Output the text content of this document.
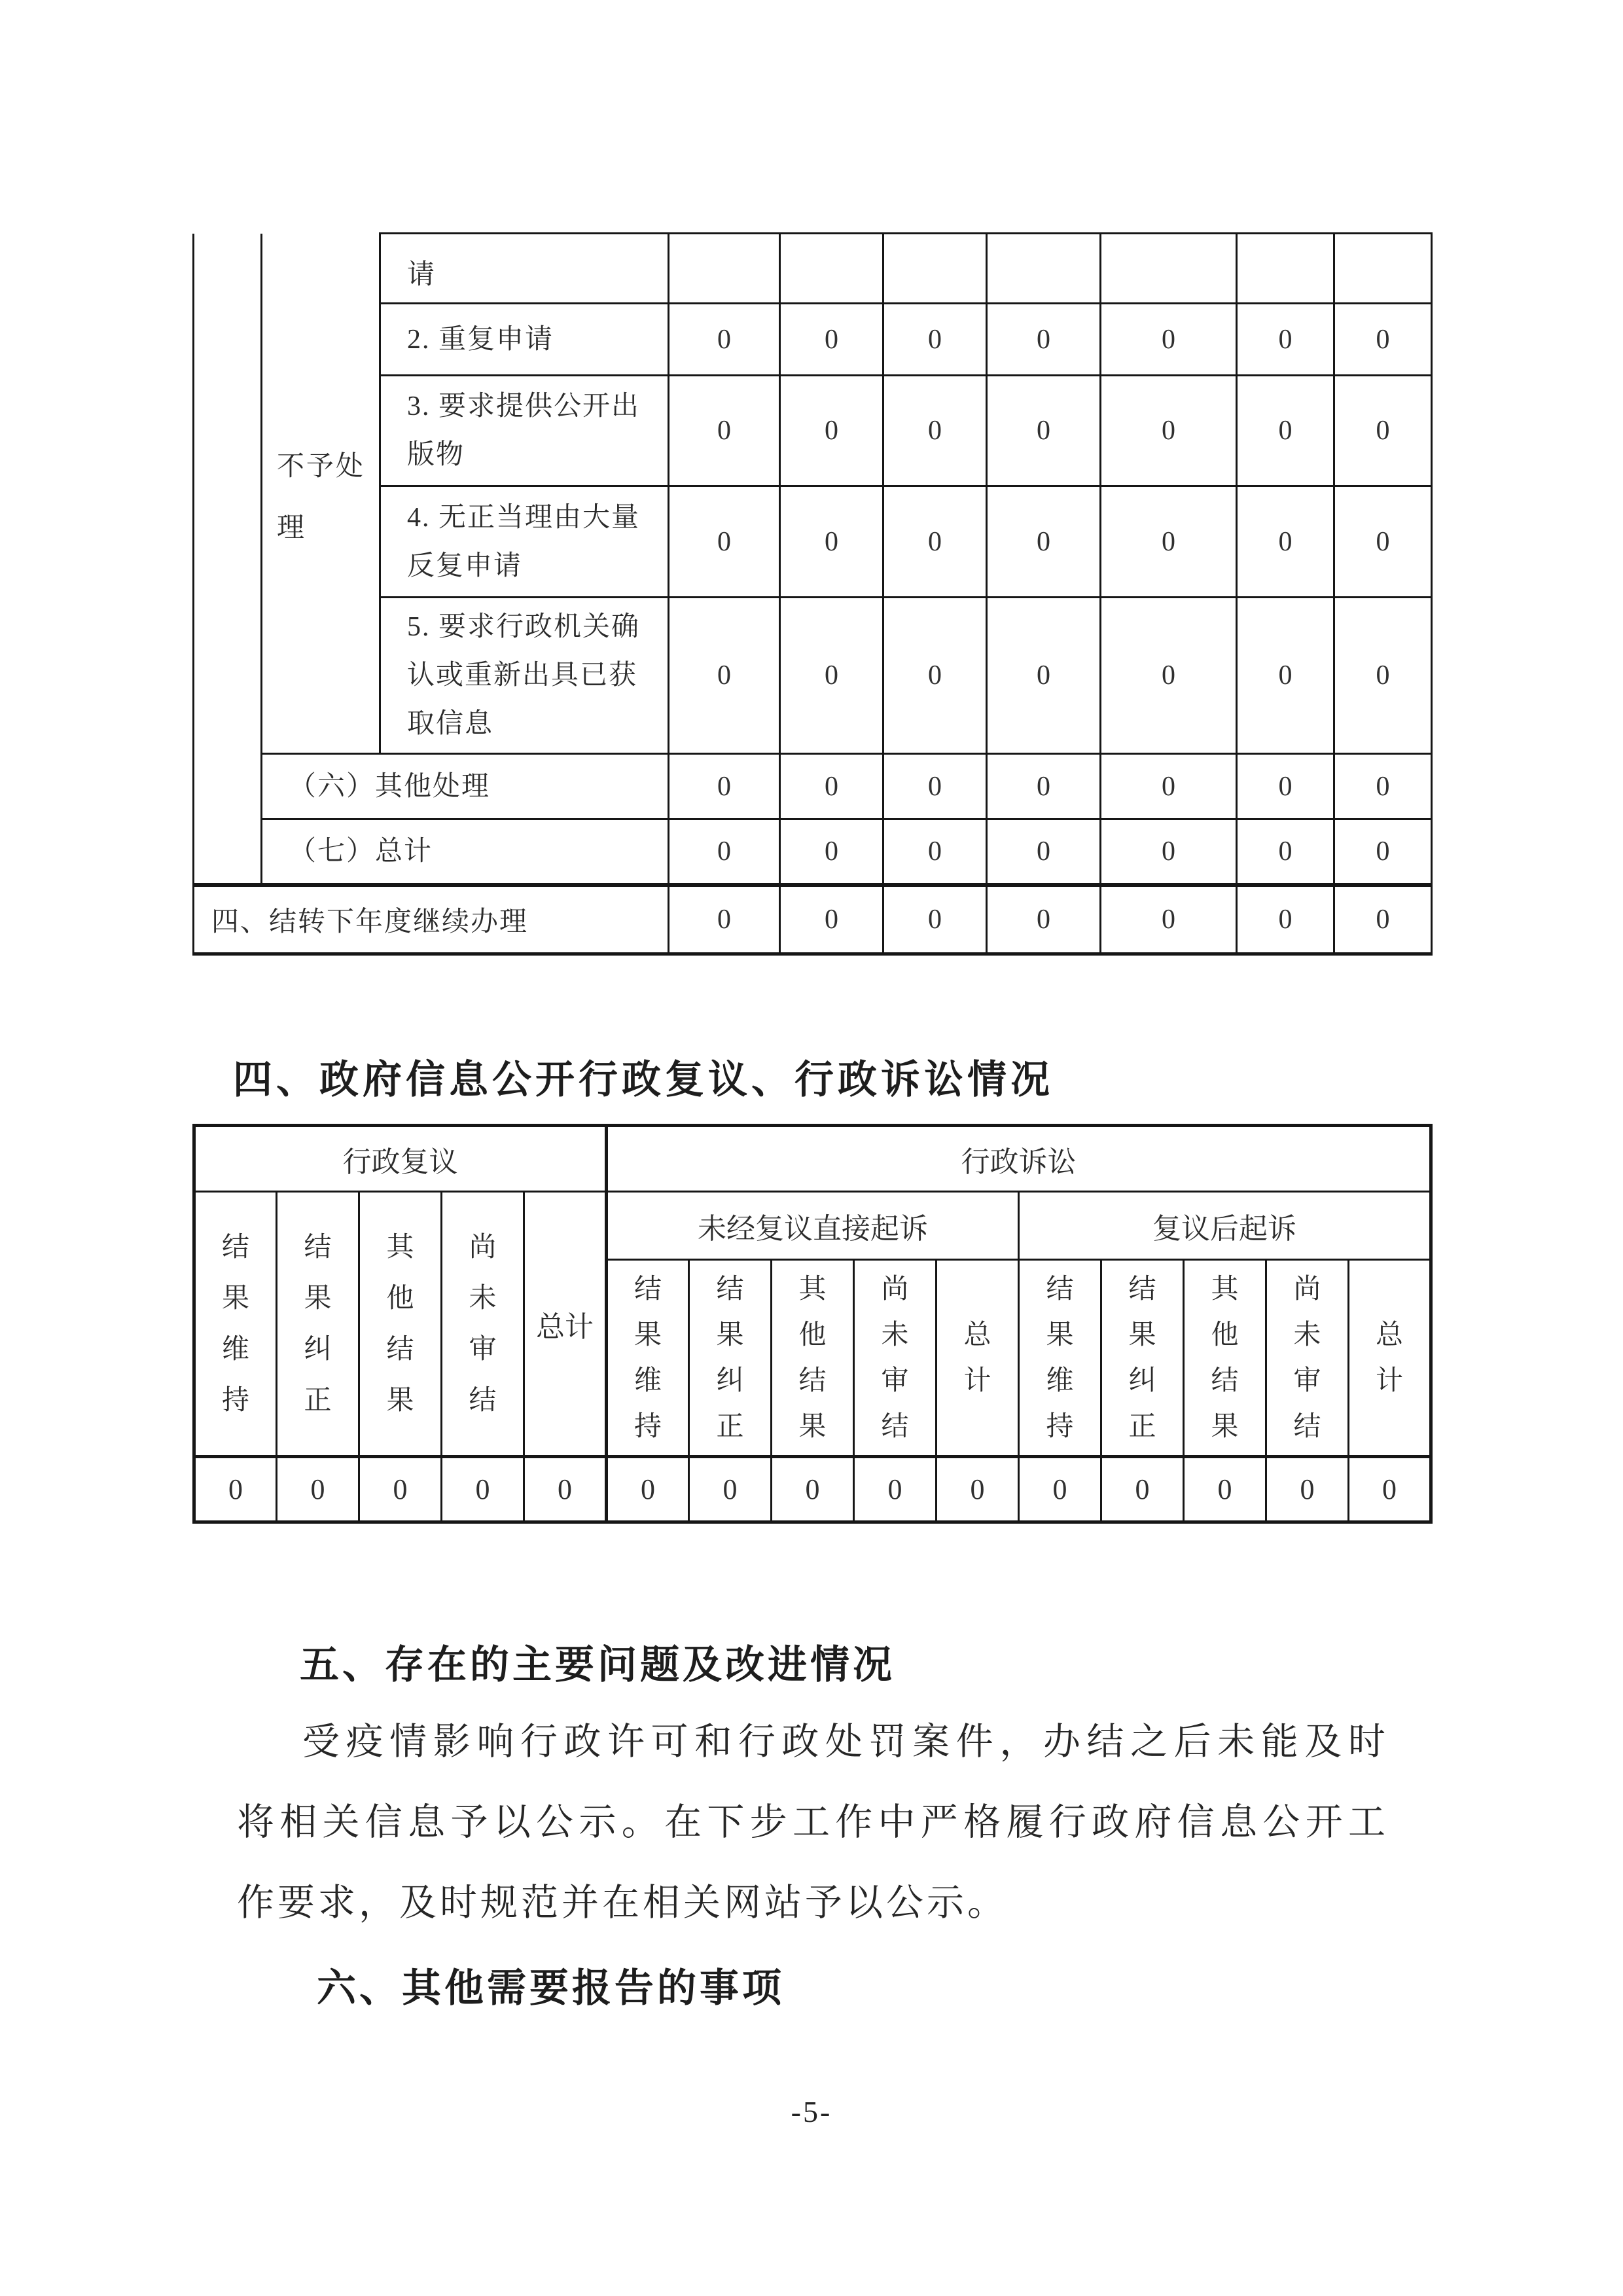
	不予处理	请							
		2. 重复申请	0	0	0	0	0	0	0
		3. 要求提供公开出版物	0	0	0	0	0	0	0
		4. 无正当理由大量反复申请	0	0	0	0	0	0	0
		5. 要求行政机关确认或重新出具已获取信息	0	0	0	0	0	0	0
	（六）其他处理		0	0	0	0	0	0	0
	（七）总计		0	0	0	0	0	0	0
四、结转下年度继续办理			0	0	0	0	0	0	0
四、政府信息公开行政复议、行政诉讼情况
行政复议					行政诉讼									
结果维持	结果纠正	其他结果	尚未审结	总计	未经复议直接起诉					复议后起诉				
					结果维持	结果纠正	其他结果	尚未审结	总计	结果维持	结果纠正	其他结果	尚未审结	总计
0	0	0	0	0	0	0	0	0	0	0	0	0	0	0
五、存在的主要问题及改进情况
受疫情影响行政许可和行政处罚案件，办结之后未能及时
将相关信息予以公示。在下步工作中严格履行政府信息公开工
作要求，及时规范并在相关网站予以公示。
六、其他需要报告的事项
-5-
